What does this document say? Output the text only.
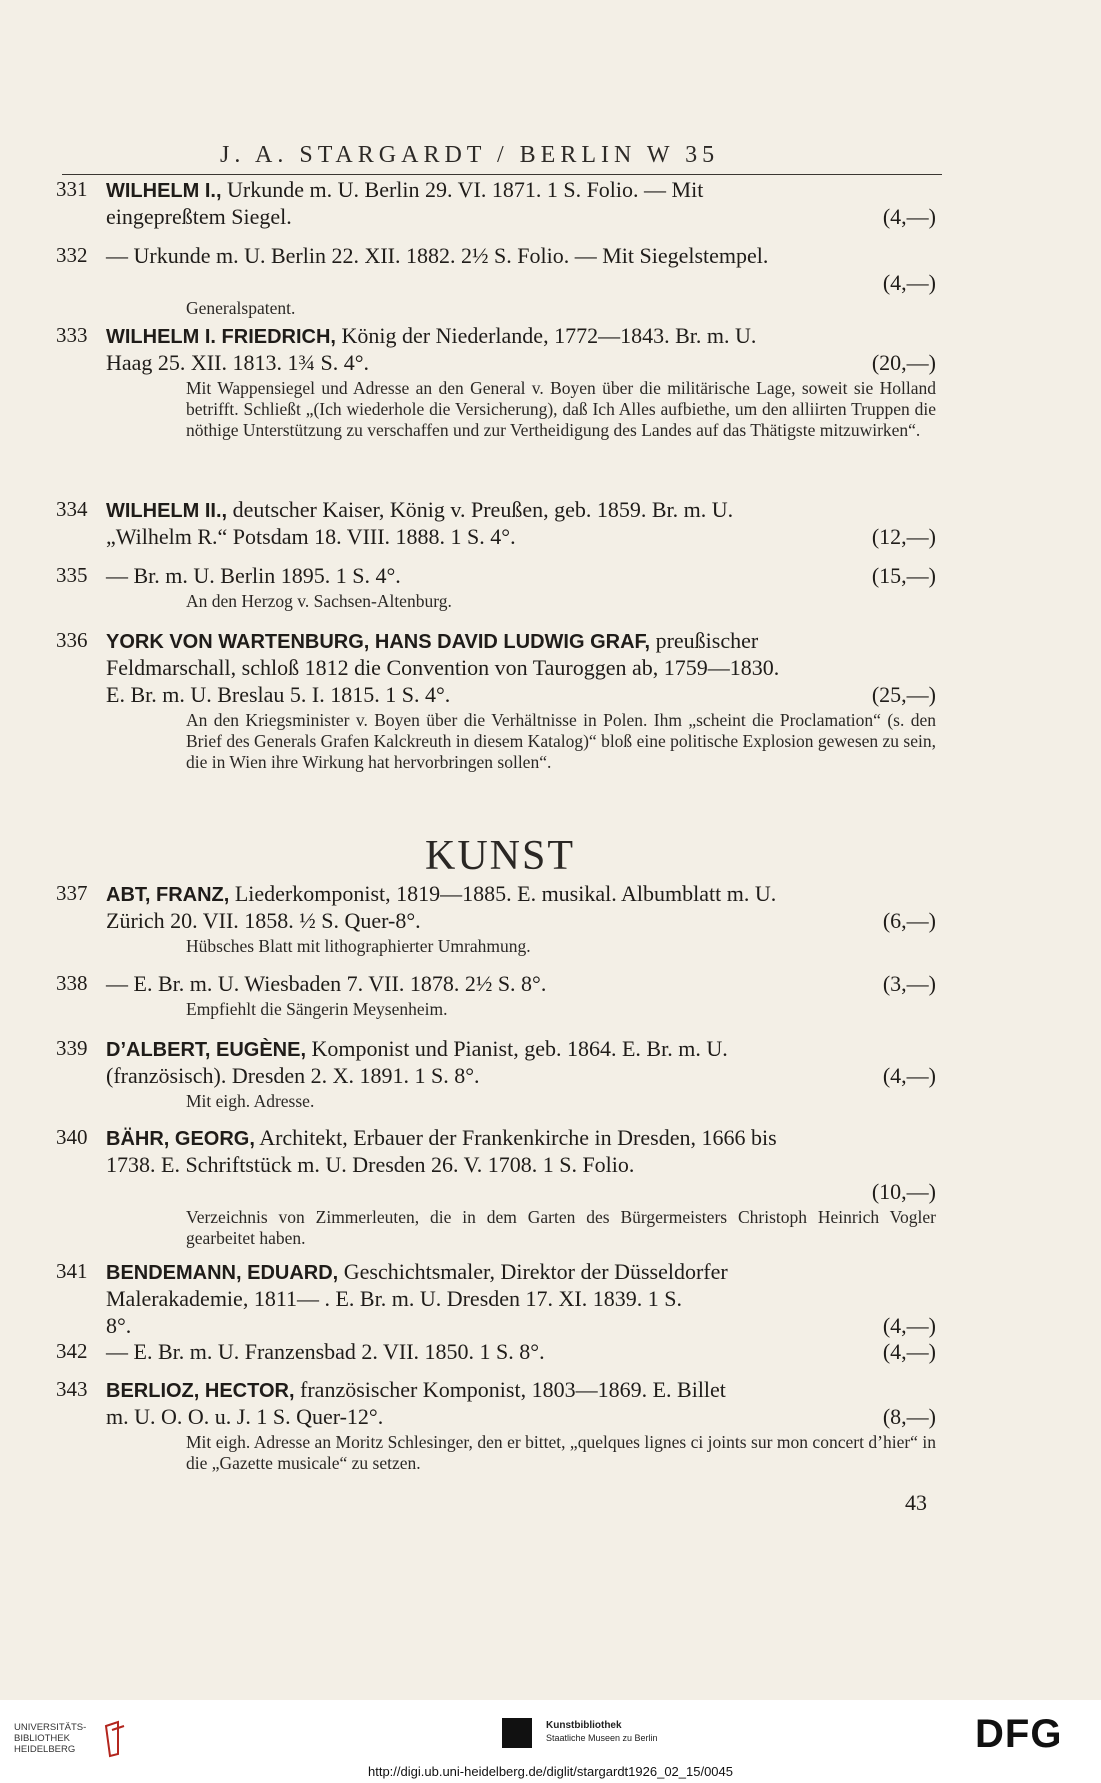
J. A. STARGARDT / BERLIN W 35
331 WILHELM I., Urkunde m. U. Berlin 29. VI. 1871. 1 S. Folio. — Mit
eingepreßtem Siegel.	(4,—)
332 — Urkunde m. U. Berlin 22. XII. 1882. 2½ S. Folio. — Mit Siegelstempel.
(4,—)
Generalspatent.
333 WILHELM I. FRIEDRICH, König der Niederlande, 1772—1843. Br. m. U.
Haag 25. XII. 1813. 1¾ S. 4°.	(20,—)
Mit Wappensiegel und Adresse an den General v. Boyen über die militärische Lage, soweit sie Holland betrifft. Schließt „(Ich wiederhole die Versicherung), daß Ich Alles aufbiethe, um den alliirten Truppen die nöthige Unterstützung zu verschaffen und zur Vertheidigung des Landes auf das Thätigste mitzuwirken“.
334 WILHELM II., deutscher Kaiser, König v. Preußen, geb. 1859. Br. m. U.
„Wilhelm R.“ Potsdam 18. VIII. 1888. 1 S. 4°.	(12,—)
335 — Br. m. U. Berlin 1895. 1 S. 4°.	(15,—)
An den Herzog v. Sachsen-Altenburg.
336 YORK VON WARTENBURG, HANS DAVID LUDWIG GRAF, preußischer
Feldmarschall, schloß 1812 die Convention von Tauroggen ab, 1759—1830.
E. Br. m. U. Breslau 5. I. 1815. 1 S. 4°.	(25,—)
An den Kriegsminister v. Boyen über die Verhältnisse in Polen. Ihm „scheint die Proclamation“ (s. den Brief des Generals Grafen Kalckreuth in diesem Katalog)“ bloß eine politische Explosion gewesen zu sein, die in Wien ihre Wirkung hat hervorbringen sollen“.
337 ABT, FRANZ, Liederkomponist, 1819—1885. E. musikal. Albumblatt m. U.
Zürich 20. VII. 1858. ½ S. Quer-8°.	(6,—)
Hübsches Blatt mit lithographierter Umrahmung.
338 — E. Br. m. U. Wiesbaden 7. VII. 1878. 2½ S. 8°.	(3,—)
Empfiehlt die Sängerin Meysenheim.
339 D’ALBERT, EUGÈNE, Komponist und Pianist, geb. 1864. E. Br. m. U.
(französisch). Dresden 2. X. 1891. 1 S. 8°.	(4,—)
Mit eigh. Adresse.
340 BÄHR, GEORG, Architekt, Erbauer der Frankenkirche in Dresden, 1666 bis
1738. E. Schriftstück m. U. Dresden 26. V. 1708. 1 S. Folio.
(10,—)
Verzeichnis von Zimmerleuten, die in dem Garten des Bürgermeisters Christoph Heinrich Vogler gearbeitet haben.
341 BENDEMANN, EDUARD, Geschichtsmaler, Direktor der Düsseldorfer
Malerakademie, 1811— . E. Br. m. U. Dresden 17. XI. 1839. 1 S.
8°.	(4,—)
342 — E. Br. m. U. Franzensbad 2. VII. 1850. 1 S. 8°.	(4,—)
343 BERLIOZ, HECTOR, französischer Komponist, 1803—1869. E. Billet
m. U. O. O. u. J. 1 S. Quer-12°.	(8,—)
Mit eigh. Adresse an Moritz Schlesinger, den er bittet, „quelques lignes ci joints sur mon concert d’hier“ in die „Gazette musicale“ zu setzen.
KUNST
43
UNIVERSITÄTS-
BIBLIOTHEK
HEIDELBERG
Kunstbibliothek
Staatliche Museen zu Berlin	DFG
http://digi.ub.uni-heidelberg.de/diglit/stargardt1926_02_15/0045
